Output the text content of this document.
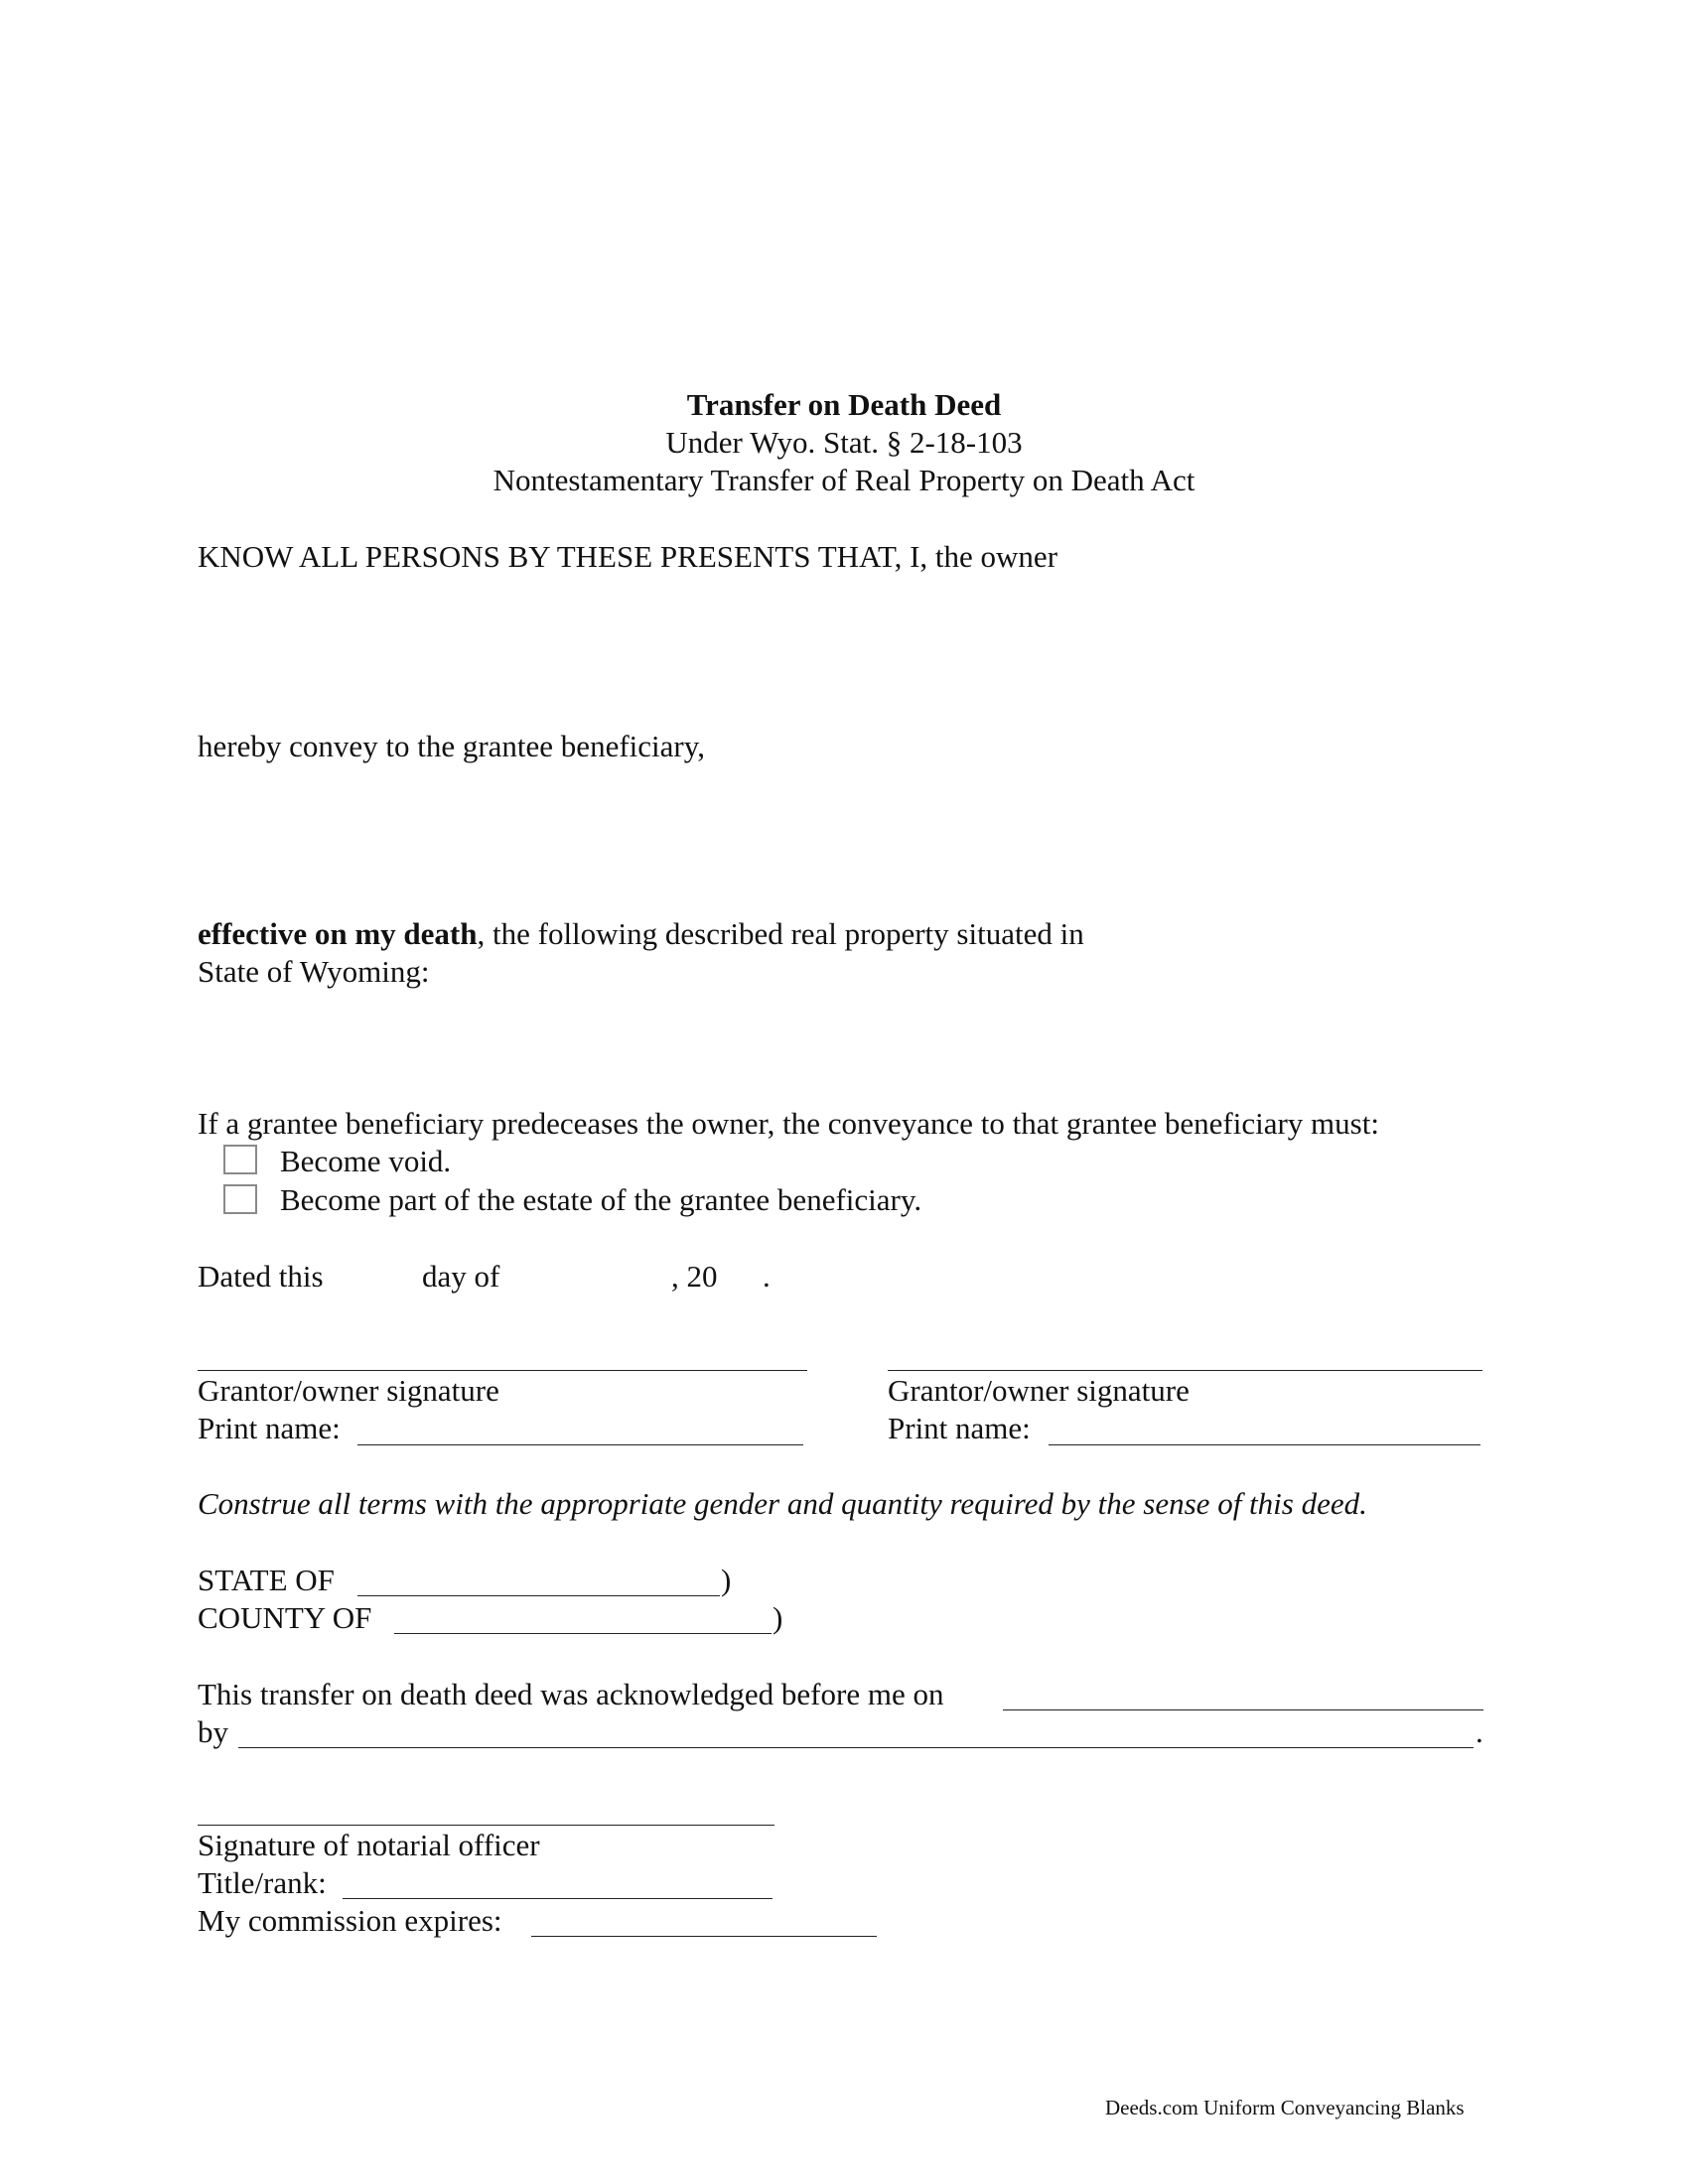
Transfer on Death Deed
Under Wyo. Stat. § 2-18-103
Nontestamentary Transfer of Real Property on Death Act
KNOW ALL PERSONS BY THESE PRESENTS THAT, I, the owner
hereby convey to the grantee beneficiary,
effective on my death, the following described real property situated in
State of Wyoming:
If a grantee beneficiary predeceases the owner, the conveyance to that grantee beneficiary must:
Become void.
Become part of the estate of the grantee beneficiary.
Dated this	day of	, 20 .
Grantor/owner signature
Print name:
Grantor/owner signature
Print name:
Construe all terms with the appropriate gender and quantity required by the sense of this deed.
STATE OF	)
COUNTY OF	)
This transfer on death deed was acknowledged before me on
by	.
Signature of notarial officer
Title/rank:
My commission expires:
Deeds.com Uniform Conveyancing Blanks
